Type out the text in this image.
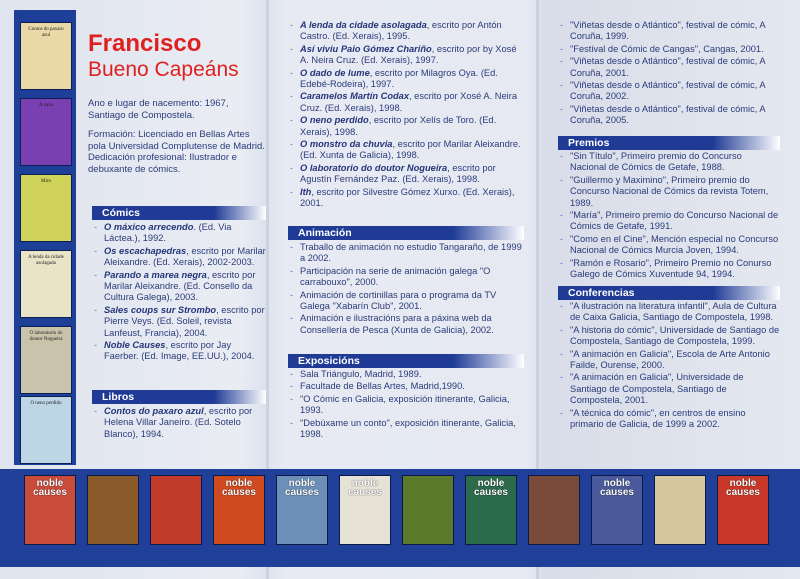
Contos do paxaro azul
A vaxa
Miro
A lenda da cidade asolagada
O laboratorio do doutor Nogueira
O neno perdido
Francisco
Bueno Capeáns

Ano e lugar de nacemento: 1967, Santiago de Compostela.

Formación: Licenciado en Bellas Artes pola Universidad Complutense de Madrid. Dedicación profesional: Ilustrador e debuxante de cómics.

Cómics
- O máxico arrecendo. (Ed. Via Láctea.), 1992.
- Os escachapedras, escrito por Marilar Aleixandre. (Ed. Xerais), 2002-2003.
- Parando a marea negra, escrito por Marilar Aleixandre. (Ed. Consello da Cultura Galega), 2003.
- Sales coups sur Strombo, escrito por Pierre Veys. (Ed. Soleil, revista Lanfeust, Francia), 2004.
- Noble Causes, escrito por Jay Faerber. (Ed. Image, EE.UU.), 2004.
Libros
- Contos do paxaro azul, escrito por Helena Villar Janeiro. (Ed. Sotelo Blanco), 1994.
- A lenda da cidade asolagada, escrito por Antón Castro. (Ed. Xerais), 1995.
- Así viviu Paio Gómez Chariño, escrito por by Xosé A. Neira Cruz. (Ed. Xerais), 1997.
- O dado de lume, escrito por Milagros Oya. (Ed. Edebé-Rodeira), 1997.
- Caramelos Martín Codax, escrito por Xosé A. Neira Cruz. (Ed. Xerais), 1998.
- O neno perdido, escrito por Xelís de Toro. (Ed. Xerais), 1998.
- O monstro da chuvia, escrito por Marilar Aleixandre. (Ed. Xunta de Galicia), 1998.
- O laboratorio do doutor Nogueira, escrito por Agustín Fernández Paz. (Ed. Xerais), 1998.
- Ith, escrito por Silvestre Gómez Xurxo. (Ed. Xerais), 2001.
Animación
- Traballo de animación no estudio Tangaraño, de 1999 a 2002.
- Participación na serie de animación galega "O carrabouxo", 2000.
- Animación de cortinillas para o programa da TV Galega "Xabarín Club", 2001.
- Animación e ilustracións para a páxina web da Consellería de Pesca (Xunta de Galicia), 2002.
Exposicións
- Sala Triángulo, Madrid, 1989.
- Facultade de Bellas Artes, Madrid,1990.
- "O Cómic en Galicia, exposición itinerante, Galicia, 1993.
- "Debúxame un conto", exposición itinerante, Galicia, 1998.
- "Viñetas desde o Atlántico", festival de cómic, A Coruña, 1999.
- "Festival de Cómic de Cangas", Cangas, 2001.
- "Viñetas desde o Atlántico", festival de cómic, A Coruña, 2001.
- "Viñetas desde o Atlántico", festival de cómic, A Coruña, 2002.
- "Viñetas desde o Atlántico", festival de cómic, A Coruña, 2005.
Premios
- "Sin Título", Primeiro premio do Concurso Nacional de Cómics de Getafe, 1988.
- "Guillermo y Maximino", Primeiro premio do Concurso Nacional de Cómics da revista Totem, 1989.
- "María", Primeiro premio do Concurso Nacional de Cómics de Getafe, 1991.
- "Como en el Cine", Mención especial no Concurso Nacional de Cómics Murcia Joven, 1994.
- "Ramón e Rosario", Primeiro Premio no Conurso Galego de Cómics Xuventude 94, 1994.
Conferencias
- "A ilustración na literatura infantil", Aula de Cultura de Caixa Galicia, Santiago de Compostela, 1998.
- "A historia do cómic", Universidade de Santiago de Compostela, Santiago de Compostela, 1999.
- "A animación en Galicia", Escola de Arte Antonio Failde, Ourense, 2000.
- "A animación en Galicia", Universidade de Santiago de Compostela, Santiago de Compostela, 2001.
- "A técnica do cómic", en centros de ensino primario de Galicia, de 1999 a 2002.
noble causes
noble causes
noble causes
noble causes
noble causes
noble causes
noble causes
